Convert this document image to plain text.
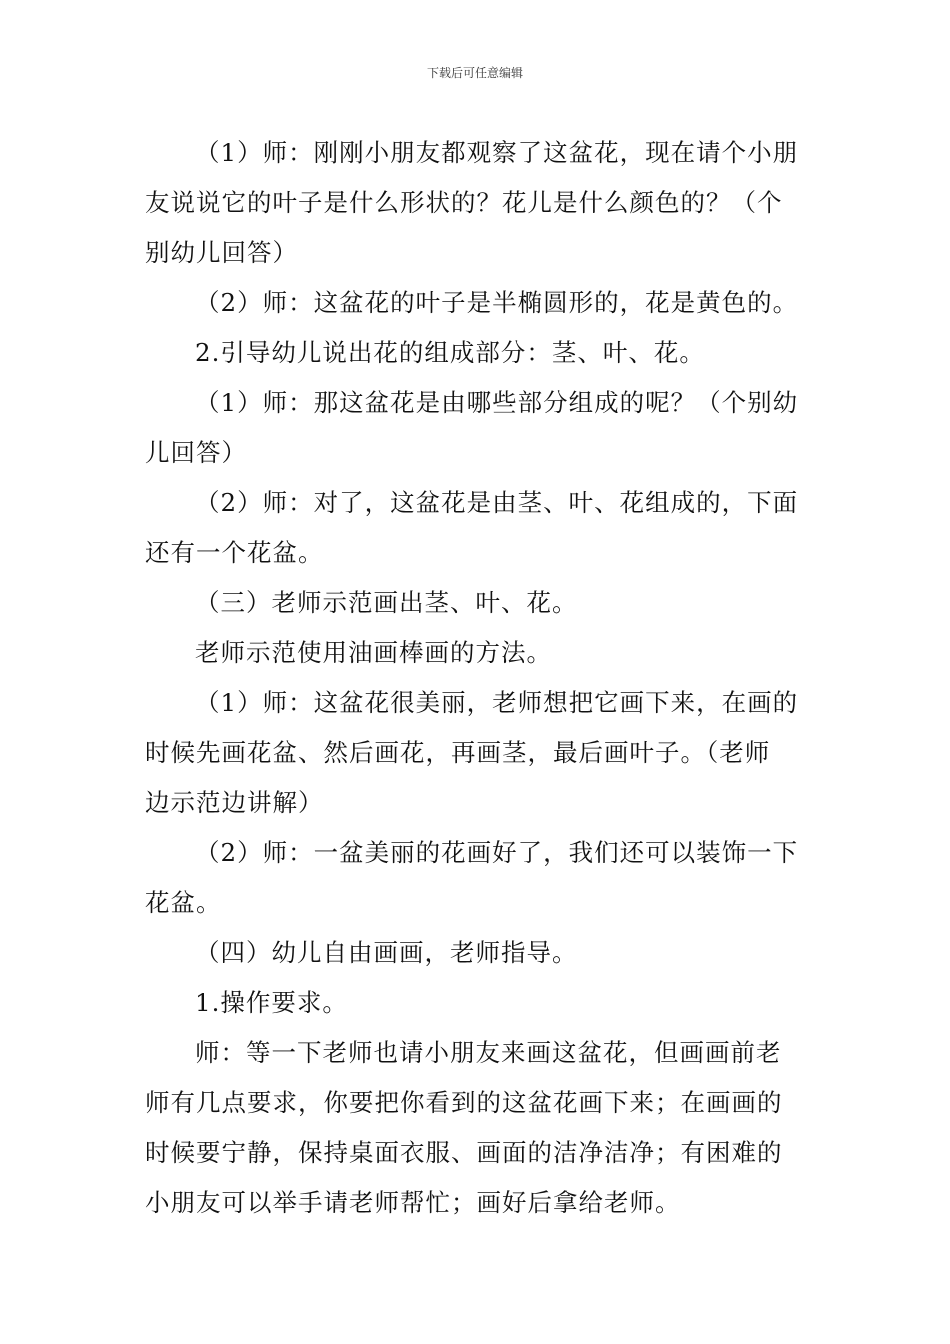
下载后可任意编辑

（1）师：刚刚小朋友都观察了这盆花，现在请个小朋

友说说它的叶子是什么形状的？花儿是什么颜色的？（个

别幼儿回答）

（2）师：这盆花的叶子是半椭圆形的，花是黄色的。

2.引导幼儿说出花的组成部分：茎、叶、花。

（1）师：那这盆花是由哪些部分组成的呢？（个别幼

儿回答）

（2）师：对了，这盆花是由茎、叶、花组成的，下面

还有一个花盆。

（三）老师示范画出茎、叶、花。

老师示范使用油画棒画的方法。

（1）师：这盆花很美丽，老师想把它画下来，在画的

时候先画花盆、然后画花，再画茎，最后画叶子。（老师

边示范边讲解）

（2）师：一盆美丽的花画好了，我们还可以装饰一下

花盆。

（四）幼儿自由画画，老师指导。

1.操作要求。

师：等一下老师也请小朋友来画这盆花，但画画前老

师有几点要求，你要把你看到的这盆花画下来；在画画的

时候要宁静，保持桌面衣服、画面的洁净洁净；有困难的

小朋友可以举手请老师帮忙；画好后拿给老师。
